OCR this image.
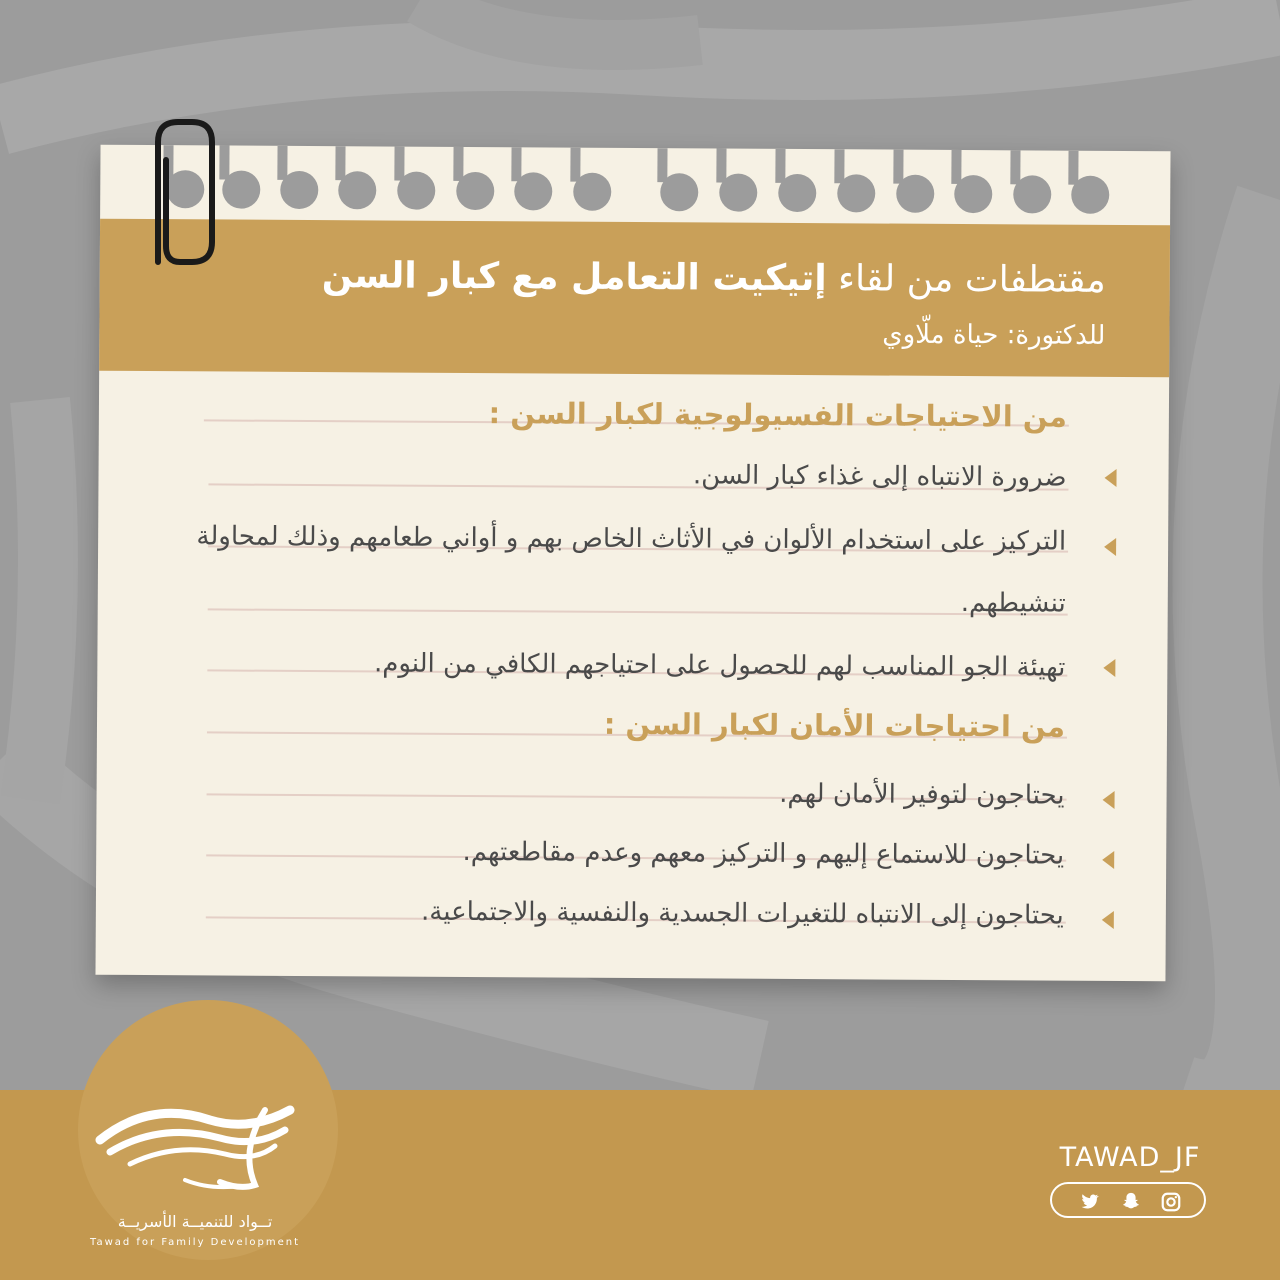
مقتطفات من لقاء إتيكيت التعامل مع كبار السن
للدكتورة: حياة ملّاوي
من الاحتياجات الفسيولوجية لكبار السن :
ضرورة الانتباه إلى غذاء كبار السن.
التركيز على استخدام الألوان في الأثاث الخاص بهم و أواني طعامهم وذلك لمحاولة تنشيطهم.
تهيئة الجو المناسب لهم للحصول على احتياجهم الكافي من النوم.
من احتياجات الأمان لكبار السن :
يحتاجون لتوفير الأمان لهم.
يحتاجون للاستماع إليهم و التركيز معهم وعدم مقاطعتهم.
يحتاجون إلى الانتباه للتغيرات الجسدية والنفسية والاجتماعية.
تــواد للتنميــة الأسريــة
Tawad for Family Development
TAWAD_JF
